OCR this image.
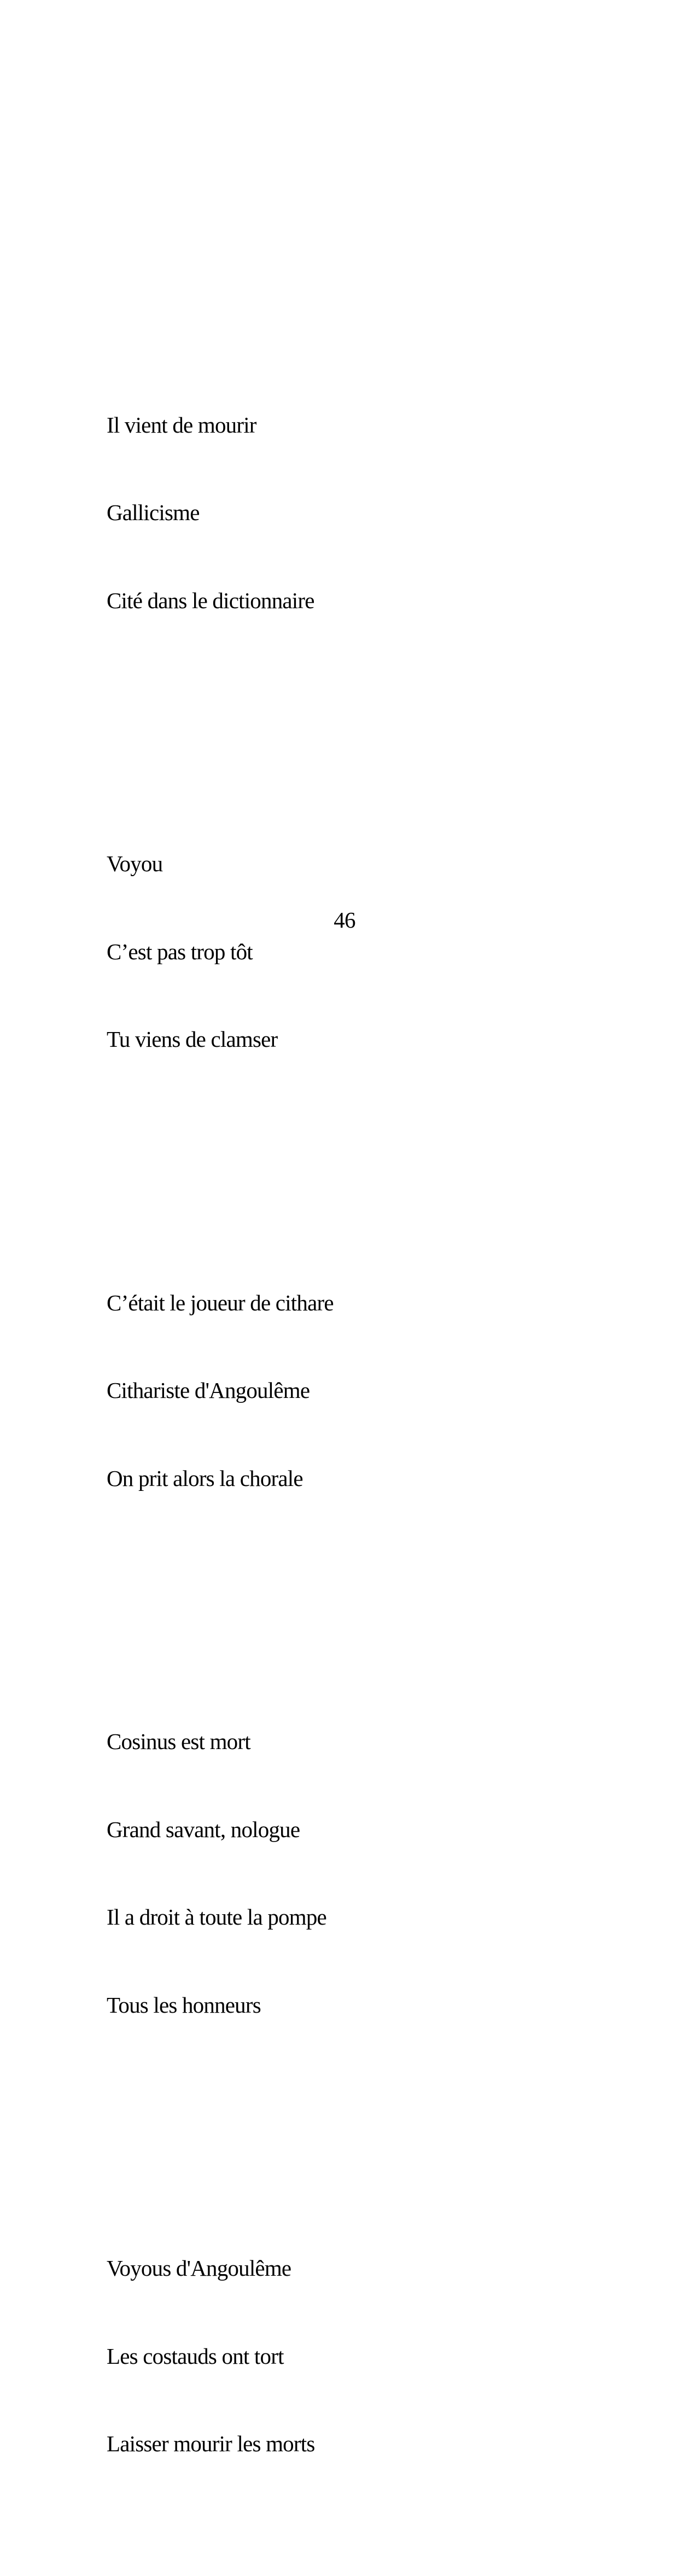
Il vient de mourir

Gallicisme

Cité dans le dictionnaire

Voyou

C’est pas trop tôt

Tu viens de clamser

C’était le joueur de cithare

Cithariste d'Angoulême

On prit alors la chorale

Cosinus est mort

Grand savant, nologue

Il a droit à toute la pompe

Tous les honneurs

Voyous d'Angoulême

Les costauds ont tort

Laisser mourir les morts

46
